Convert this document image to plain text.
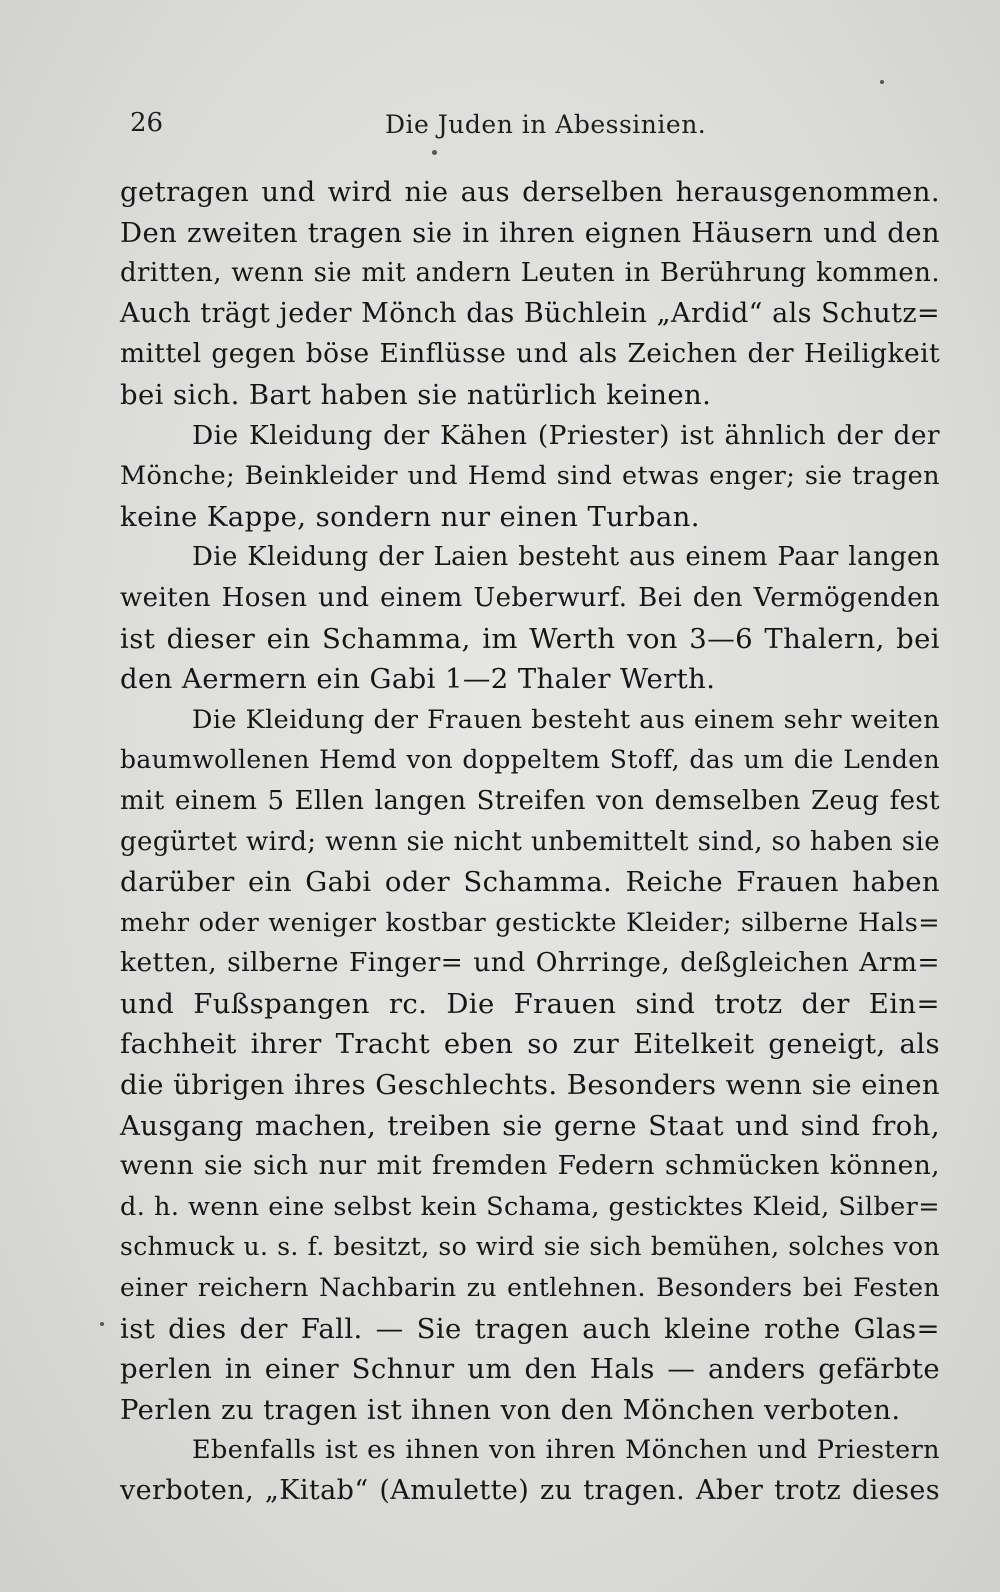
26	Die Juden in Abessinien.
getragen und wird nie aus derselben herausgenommen.
Den zweiten tragen sie in ihren eignen Häusern und den
dritten, wenn sie mit andern Leuten in Berührung kommen.
Auch trägt jeder Mönch das Büchlein „Ardid“ als Schutz=
mittel gegen böse Einflüsse und als Zeichen der Heiligkeit
bei sich. Bart haben sie natürlich keinen.
Die Kleidung der Kähen (Priester) ist ähnlich der der
Mönche; Beinkleider und Hemd sind etwas enger; sie tragen
keine Kappe, sondern nur einen Turban.
Die Kleidung der Laien besteht aus einem Paar langen
weiten Hosen und einem Ueberwurf. Bei den Vermögenden
ist dieser ein Schamma, im Werth von 3—6 Thalern, bei
den Aermern ein Gabi 1—2 Thaler Werth.
Die Kleidung der Frauen besteht aus einem sehr weiten
baumwollenen Hemd von doppeltem Stoff, das um die Lenden
mit einem 5 Ellen langen Streifen von demselben Zeug fest
gegürtet wird; wenn sie nicht unbemittelt sind, so haben sie
darüber ein Gabi oder Schamma. Reiche Frauen haben
mehr oder weniger kostbar gestickte Kleider; silberne Hals=
ketten, silberne Finger= und Ohrringe, deßgleichen Arm=
und Fußspangen rc. Die Frauen sind trotz der Ein=
fachheit ihrer Tracht eben so zur Eitelkeit geneigt, als
die übrigen ihres Geschlechts. Besonders wenn sie einen
Ausgang machen, treiben sie gerne Staat und sind froh,
wenn sie sich nur mit fremden Federn schmücken können,
d. h. wenn eine selbst kein Schama, gesticktes Kleid, Silber=
schmuck u. s. f. besitzt, so wird sie sich bemühen, solches von
einer reichern Nachbarin zu entlehnen. Besonders bei Festen
ist dies der Fall. — Sie tragen auch kleine rothe Glas=
perlen in einer Schnur um den Hals — anders gefärbte
Perlen zu tragen ist ihnen von den Mönchen verboten.
Ebenfalls ist es ihnen von ihren Mönchen und Priestern
verboten, „Kitab“ (Amulette) zu tragen. Aber trotz dieses
